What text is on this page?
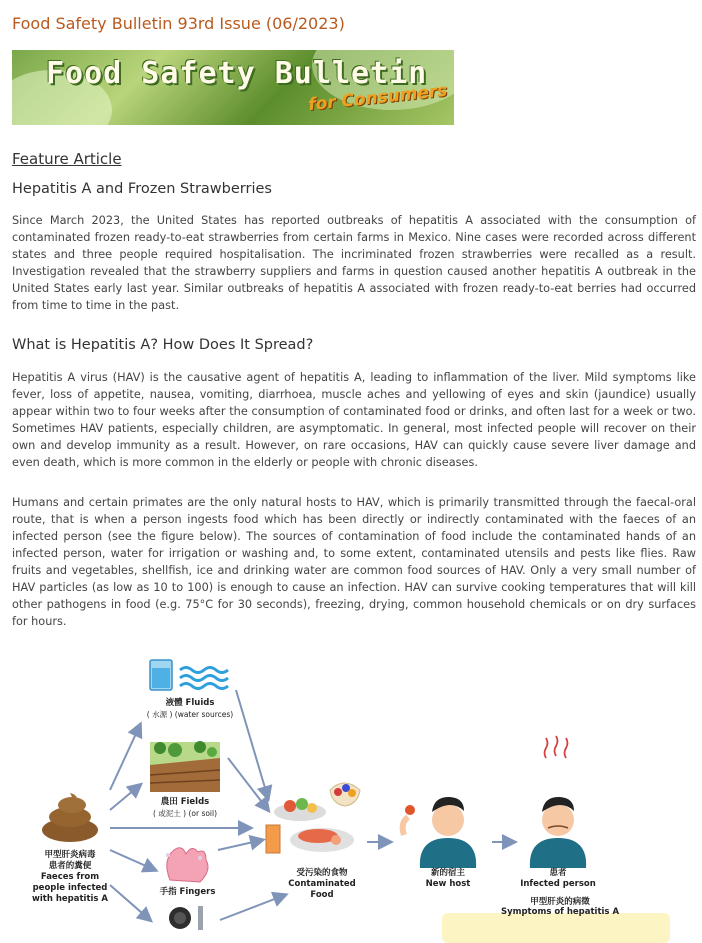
Food Safety Bulletin 93rd Issue (06/2023)
Food Safety Bulletin
for Consumers
Feature Article
Hepatitis A and Frozen Strawberries

Since March 2023, the United States has reported outbreaks of hepatitis A associated with the consumption of contaminated frozen ready-to-eat strawberries from certain farms in Mexico. Nine cases were recorded across different states and three people required hospitalisation. The incriminated frozen strawberries were recalled as a result. Investigation revealed that the strawberry suppliers and farms in question caused another hepatitis A outbreak in the United States early last year. Similar outbreaks of hepatitis A associated with frozen ready-to-eat berries had occurred from time to time in the past.

What is Hepatitis A? How Does It Spread?

Hepatitis A virus (HAV) is the causative agent of hepatitis A, leading to inflammation of the liver. Mild symptoms like fever, loss of appetite, nausea, vomiting, diarrhoea, muscle aches and yellowing of eyes and skin (jaundice) usually appear within two to four weeks after the consumption of contaminated food or drinks, and often last for a week or two. Sometimes HAV patients, especially children, are asymptomatic. In general, most infected people will recover on their own and develop immunity as a result. However, on rare occasions, HAV can quickly cause severe liver damage and even death, which is more common in the elderly or people with chronic diseases.

Humans and certain primates are the only natural hosts to HAV, which is primarily transmitted through the faecal-oral route, that is when a person ingests food which has been directly or indirectly contaminated with the faeces of an infected person (see the figure below). The sources of contamination of food include the contaminated hands of an infected person, water for irrigation or washing and, to some extent, contaminated utensils and pests like flies. Raw fruits and vegetables, shellfish, ice and drinking water are common food sources of HAV. Only a very small number of HAV particles (as low as 10 to 100) is enough to cause an infection. HAV can survive cooking temperatures that will kill other pathogens in food (e.g. 75°C for 30 seconds), freezing, drying, common household chemicals or on dry surfaces for hours.

液體 Fluids
( 水源 ) (water sources)
農田 Fields
( 或泥土 ) (or soil)
手指 Fingers
甲型肝炎病毒
患者的糞便
Faeces from
people infected
with hepatitis A
受污染的食物
Contaminated
Food
新的宿主
New host
患者
Infected person
甲型肝炎的病徵
Symptoms of hepatitis A
